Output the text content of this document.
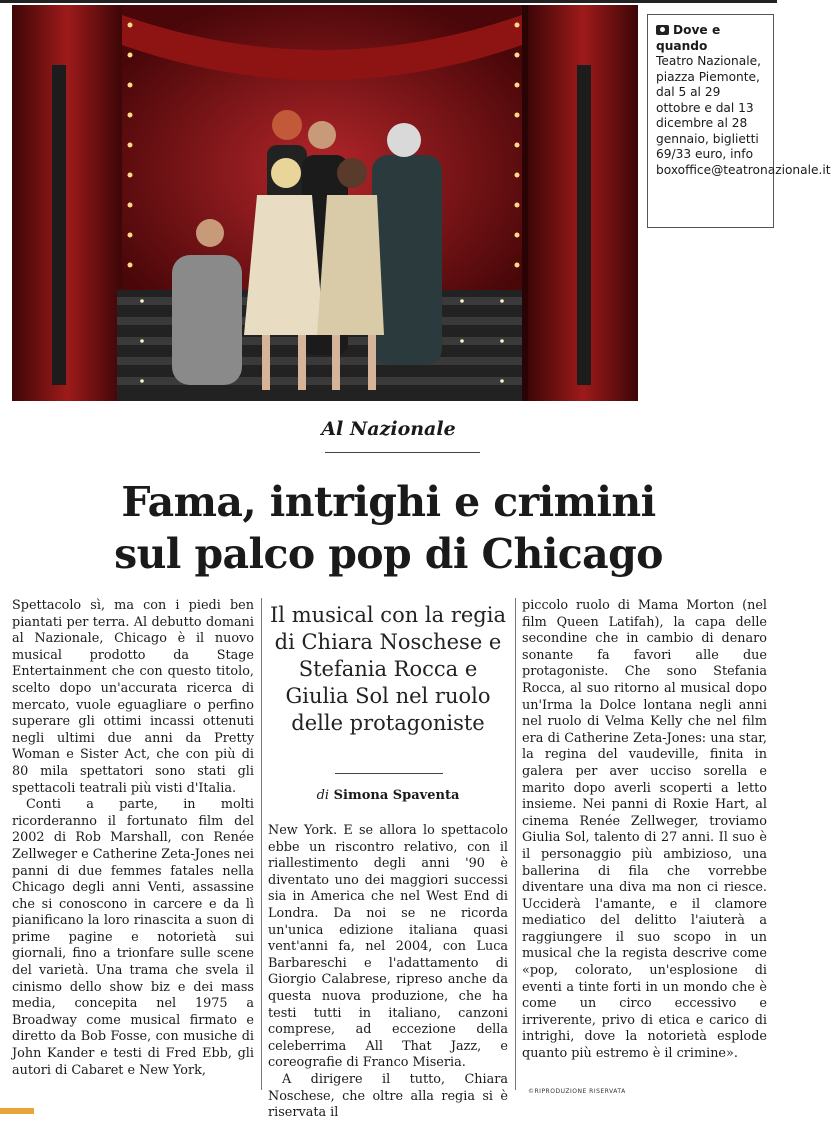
Dove e quando
Teatro Nazionale, piazza Piemonte, dal 5 al 29 ottobre e dal 13 dicembre al 28 gennaio, biglietti 69/33 euro, info boxoffice@teatronazionale.it
Al Nazionale
Fama, intrighi e crimini
sul palco pop di Chicago

Spettacolo sì, ma con i piedi ben piantati per terra. Al debutto domani al Nazionale, Chicago è il nuovo musical prodotto da Stage Entertainment che con questo titolo, scelto dopo un'accurata ricerca di mercato, vuole eguagliare o perfino superare gli ottimi incassi ottenuti negli ultimi due anni da Pretty Woman e Sister Act, che con più di 80 mila spettatori sono stati gli spettacoli teatrali più visti d'Italia.

Conti a parte, in molti ricorderanno il fortunato film del 2002 di Rob Marshall, con Renée Zellweger e Catherine Zeta-Jones nei panni di due femmes fatales nella Chicago degli anni Venti, assassine che si conoscono in carcere e da lì pianificano la loro rinascita a suon di prime pagine e notorietà sui giornali, fino a trionfare sulle scene del varietà. Una trama che svela il cinismo dello show biz e dei mass media, concepita nel 1975 a Broadway come musical firmato e diretto da Bob Fosse, con musiche di John Kander e testi di Fred Ebb, gli autori di Cabaret e New York,

Il musical con la regia di Chiara Noschese e Stefania Rocca e Giulia Sol nel ruolo delle protagoniste
di Simona Spaventa

New York. E se allora lo spettacolo ebbe un riscontro relativo, con il riallestimento degli anni '90 è diventato uno dei maggiori successi sia in America che nel West End di Londra. Da noi se ne ricorda un'unica edizione italiana quasi vent'anni fa, nel 2004, con Luca Barbareschi e l'adattamento di Giorgio Calabrese, ripreso anche da questa nuova produzione, che ha testi tutti in italiano, canzoni comprese, ad eccezione della celeberrima All That Jazz, e coreografie di Franco Miseria.

A dirigere il tutto, Chiara Noschese, che oltre alla regia si è riservata il

piccolo ruolo di Mama Morton (nel film Queen Latifah), la capa delle secondine che in cambio di denaro sonante fa favori alle due protagoniste. Che sono Stefania Rocca, al suo ritorno al musical dopo un'Irma la Dolce lontana negli anni nel ruolo di Velma Kelly che nel film era di Catherine Zeta-Jones: una star, la regina del vaudeville, finita in galera per aver ucciso sorella e marito dopo averli scoperti a letto insieme. Nei panni di Roxie Hart, al cinema Renée Zellweger, troviamo Giulia Sol, talento di 27 anni. Il suo è il personaggio più ambizioso, una ballerina di fila che vorrebbe diventare una diva ma non ci riesce. Ucciderà l'amante, e il clamore mediatico del delitto l'aiuterà a raggiungere il suo scopo in un musical che la regista descrive come «pop, colorato, un'esplosione di eventi a tinte forti in un mondo che è come un circo eccessivo e irriverente, privo di etica e carico di intrighi, dove la notorietà esplode quanto più estremo è il crimine».

©RIPRODUZIONE RISERVATA
